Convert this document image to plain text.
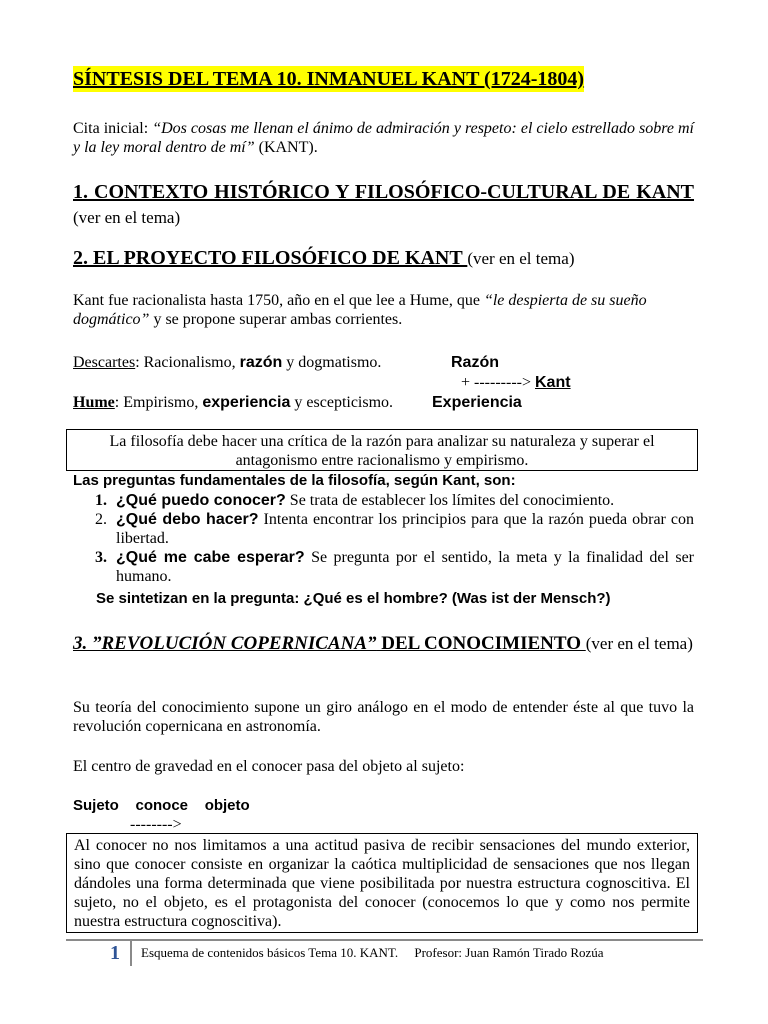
SÍNTESIS DEL TEMA 10. INMANUEL KANT (1724-1804)
Cita inicial: “Dos cosas me llenan el ánimo de admiración y respeto: el cielo estrellado sobre mí y la ley moral dentro de mí” (KANT).
1. CONTEXTO HISTÓRICO Y FILOSÓFICO-CULTURAL DE KANT (ver en el tema)
2. EL PROYECTO FILOSÓFICO DE KANT (ver en el tema)
Kant fue racionalista hasta 1750, año en el que lee a Hume, que “le despierta de su sueño dogmático” y se propone superar ambas corrientes.
Descartes: Racionalismo, razón y dogmatismo.	Razón
+ ---------> Kant
Hume: Empirismo, experiencia y escepticismo.	Experiencia
La filosofía debe hacer una crítica de la razón para analizar su naturaleza y superar el antagonismo entre racionalismo y empirismo.
Las preguntas fundamentales de la filosofía, según Kant, son:
1. ¿Qué puedo conocer? Se trata de establecer los límites del conocimiento.
2. ¿Qué debo hacer? Intenta encontrar los principios para que la razón pueda obrar con libertad.
3. ¿Qué me cabe esperar? Se pregunta por el sentido, la meta y la finalidad del ser humano.
Se sintetizan en la pregunta: ¿Qué es el hombre? (Was ist der Mensch?)
3. ”REVOLUCIÓN COPERNICANA” DEL CONOCIMIENTO (ver en el tema)
Su teoría del conocimiento supone un giro análogo en el modo de entender éste al que tuvo la revolución copernicana en astronomía.
El centro de gravedad en el conocer pasa del objeto al sujeto:
Sujeto    conoce    objeto
-------->
Al conocer no nos limitamos a una actitud pasiva de recibir sensaciones del mundo exterior, sino que conocer consiste en organizar la caótica multiplicidad de sensaciones que nos llegan dándoles una forma determinada que viene posibilitada por nuestra estructura cognoscitiva. El sujeto, no el objeto, es el protagonista del conocer (conocemos lo que y como nos permite nuestra estructura cognoscitiva).
1 Esquema de contenidos básicos Tema 10. KANT.     Profesor: Juan Ramón Tirado Rozúa
